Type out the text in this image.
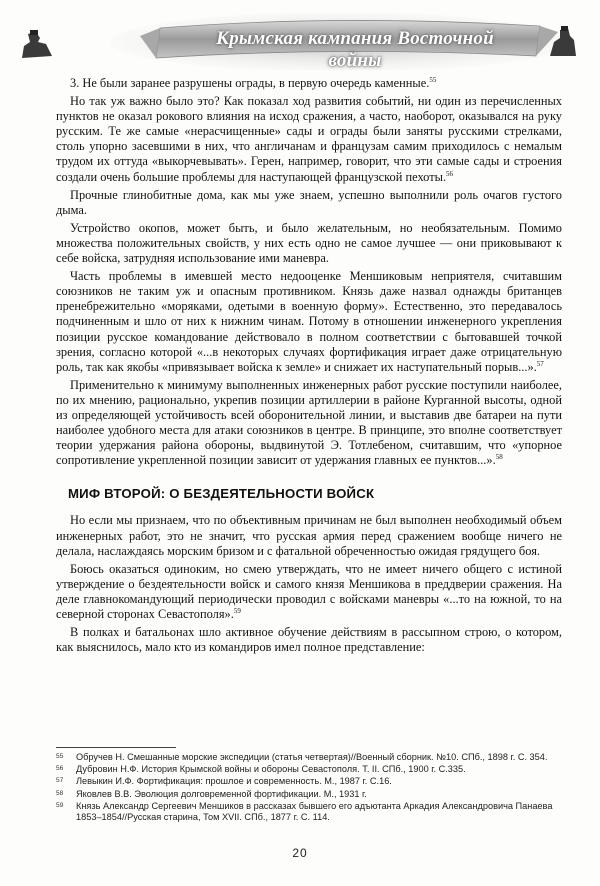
Крымская кампания Восточной войны

3. Не были заранее разрушены ограды, в первую очередь каменные.$^{55}$

Но так уж важно было это? Как показал ход развития событий, ни один из перечисленных пунктов не оказал рокового влияния на исход сражения, а часто, наоборот, оказывался на руку русским. Те же самые «нерасчищенные» сады и ограды были заняты русскими стрелками, столь упорно засевшими в них, что англичанам и французам самим приходилось с немалым трудом их оттуда «выкорчевывать». Герен, например, говорит, что эти самые сады и строения создали очень большие проблемы для наступающей французской пехоты.$^{56}$

Прочные глинобитные дома, как мы уже знаем, успешно выполнили роль очагов густого дыма.

Устройство окопов, может быть, и было желательным, но необязательным. Помимо множества положительных свойств, у них есть одно не самое лучшее — они приковывают к себе войска, затрудняя использование ими маневра.

Часть проблемы в имевшей место недооценке Меншиковым неприятеля, считавшим союзников не таким уж и опасным противником. Князь даже назвал однажды британцев пренебрежительно «моряками, одетыми в военную форму». Естественно, это передавалось подчиненным и шло от них к нижним чинам. Потому в отношении инженерного укрепления позиции русское командование действовало в полном соответствии с бытовавшей точкой зрения, согласно которой «...в некоторых случаях фортификация играет даже отрицательную роль, так как якобы «привязывает войска к земле» и снижает их наступательный порыв...».$^{57}$

Применительно к минимуму выполненных инженерных работ русские поступили наиболее, по их мнению, рационально, укрепив позиции артиллерии в районе Курганной высоты, одной из определяющей устойчивость всей оборонительной линии, и выставив две батареи на пути наиболее удобного места для атаки союзников в центре. В принципе, это вполне соответствует теории удержания района обороны, выдвинутой Э. Тотлебеном, считавшим, что «упорное сопротивление укрепленной позиции зависит от удержания главных ее пунктов...».$^{58}$

МИФ ВТОРОЙ: О БЕЗДЕЯТЕЛЬНОСТИ ВОЙСК

Но если мы признаем, что по объективным причинам не был выполнен необходимый объем инженерных работ, это не значит, что русская армия перед сражением вообще ничего не делала, наслаждаясь морским бризом и с фатальной обреченностью ожидая грядущего боя.

Боюсь оказаться одиноким, но смею утверждать, что не имеет ничего общего с истиной утверждение о бездеятельности войск и самого князя Меншикова в преддверии сражения. На деле главнокомандующий периодически проводил с войсками маневры «...то на южной, то на северной сторонах Севастополя».$^{59}$

В полках и батальонах шло активное обучение действиям в рассыпном строю, о котором, как выяснилось, мало кто из командиров имел полное представление:

55	Обручев Н. Смешанные морские экспедиции (статья четвертая)//Военный сборник. №10. СПб., 1898 г. С. 354.
56	Дубровин Н.Ф. История Крымской войны и обороны Севастополя. Т. II. СПб., 1900 г. С.335.
57	Левыкин И.Ф. Фортификация: прошлое и современность. М., 1987 г. С.16.
58	Яковлев В.В. Эволюция долговременной фортификации. М., 1931 г.
59	Князь Александр Сергеевич Меншиков в рассказах бывшего его адъютанта Аркадия Александровича Панаева 1853–1854//Русская старина, Том XVII. СПб., 1877 г. С. 114.
20
